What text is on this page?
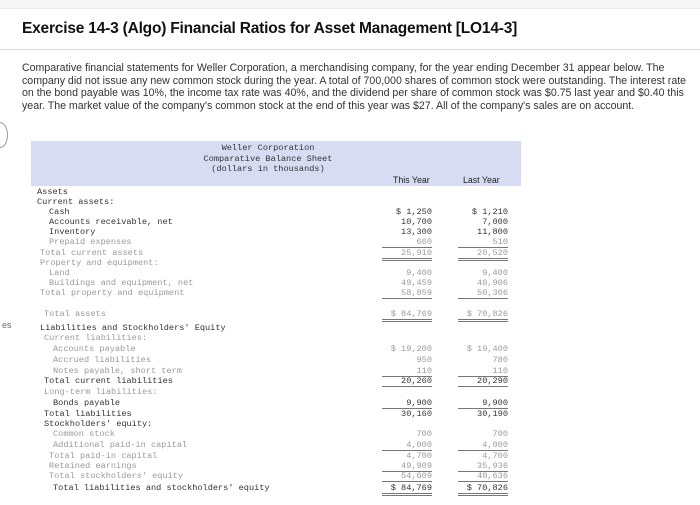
Exercise 14-3 (Algo) Financial Ratios for Asset Management [LO14-3]
Comparative financial statements for Weller Corporation, a merchandising company, for the year ending December 31 appear below. The company did not issue any new common stock during the year. A total of 700,000 shares of common stock were outstanding. The interest rate on the bond payable was 10%, the income tax rate was 40%, and the dividend per share of common stock was $0.75 last year and $0.40 this year. The market value of the company's common stock at the end of this year was $27. All of the company's sales are on account.
es
Weller Corporation
Comparative Balance Sheet
(dollars in thousands)
This Year	Last Year
Assets
Current assets:
Cash	$ 1,250	$ 1,210
Accounts receivable, net	10,700	7,000
Inventory	13,300	11,800
Prepaid expenses	660	510
Total current assets	25,910	20,520
Property and equipment:
Land	9,400	9,400
Buildings and equipment, net	49,459	40,906
Total property and equipment	58,859	50,306
Total assets	$ 84,769	$ 70,826
Liabilities and Stockholders' Equity
Current liabilities:
Accounts payable	$ 19,200	$ 19,400
Accrued liabilities	950	780
Notes payable, short term	110	110
Total current liabilities	20,260	20,290
Long-term liabilities:
Bonds payable	9,900	9,900
Total liabilities	30,160	30,190
Stockholders' equity:
Common stock	700	700
Additional paid-in capital	4,000	4,000
Total paid-in capital	4,700	4,700
Retained earnings	49,909	35,936
Total stockholders' equity	54,609	40,636
Total liabilities and stockholders' equity	$ 84,769	$ 70,826
